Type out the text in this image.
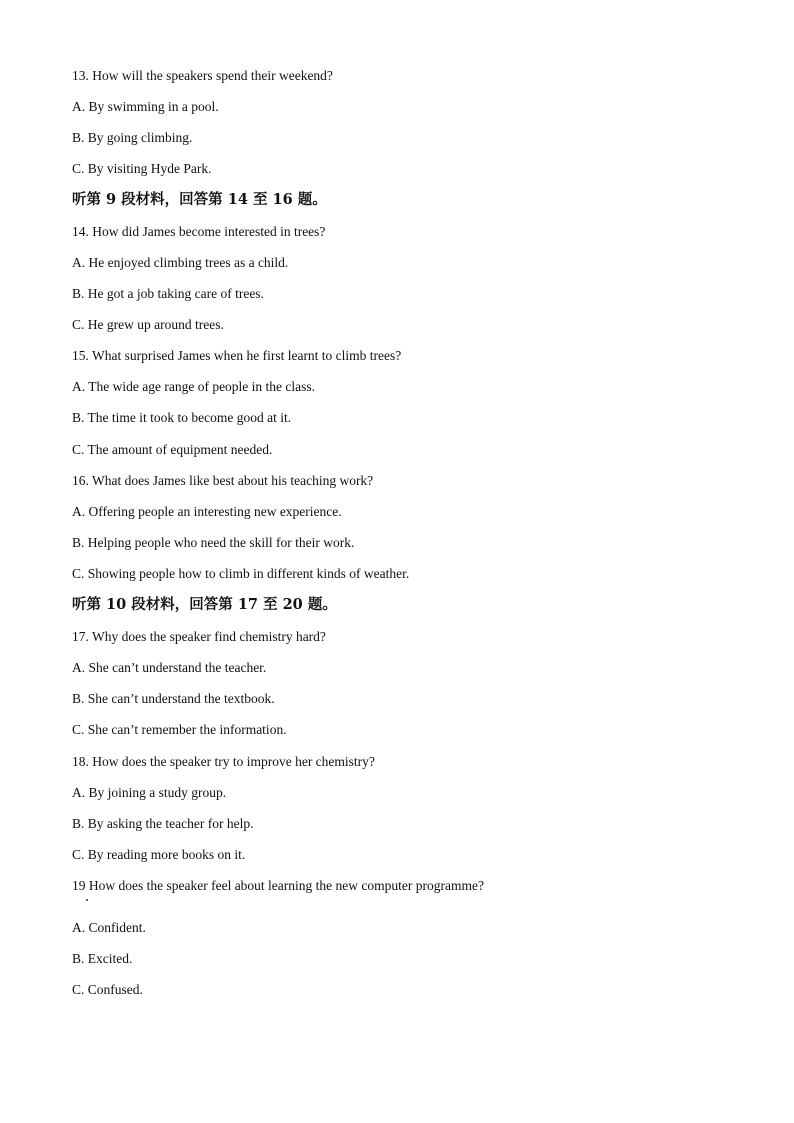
13. How will the speakers spend their weekend?
A. By swimming in a pool.
B. By going climbing.
C. By visiting Hyde Park.
听第 9 段材料，回答第 14 至 16 题。
14. How did James become interested in trees?
A. He enjoyed climbing trees as a child.
B. He got a job taking care of trees.
C. He grew up around trees.
15. What surprised James when he first learnt to climb trees?
A. The wide age range of people in the class.
B. The time it took to become good at it.
C. The amount of equipment needed.
16. What does James like best about his teaching work?
A. Offering people an interesting new experience.
B. Helping people who need the skill for their work.
C. Showing people how to climb in different kinds of weather.
听第 10 段材料，回答第 17 至 20 题。
17. Why does the speaker find chemistry hard?
A. She can’t understand the teacher.
B. She can’t understand the textbook.
C. She can’t remember the information.
18. How does the speaker try to improve her chemistry?
A. By joining a study group.
B. By asking the teacher for help.
C. By reading more books on it.
19 How does the speaker feel about learning the new computer programme?
A. Confident.
B. Excited.
C. Confused.
